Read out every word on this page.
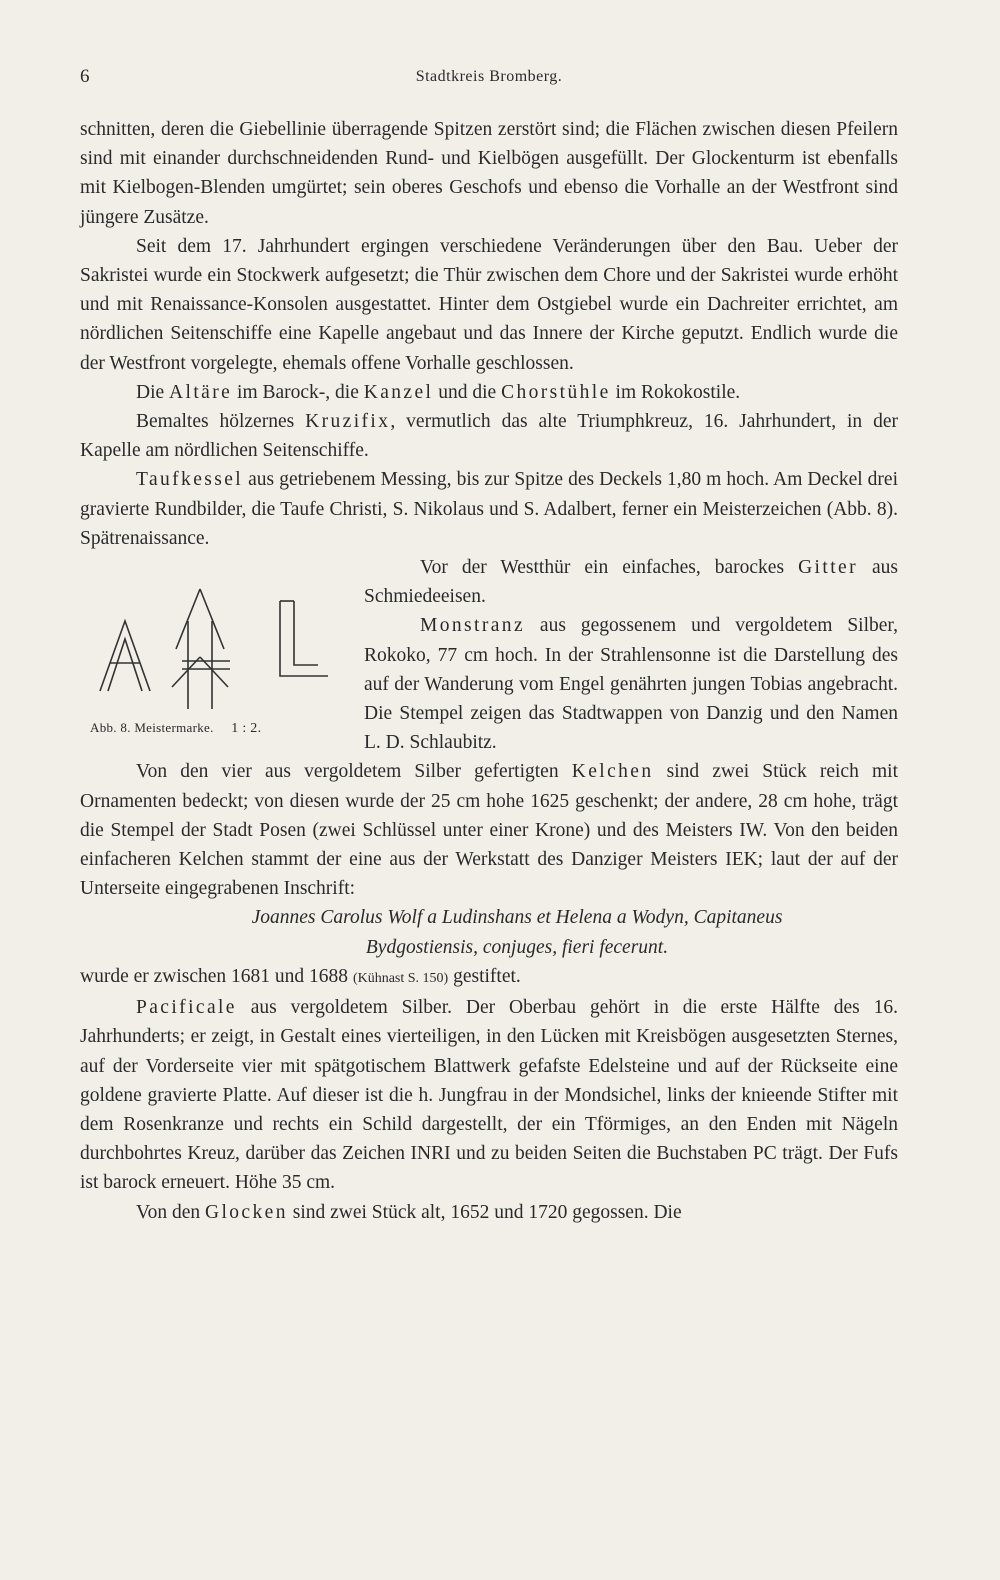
6	Stadtkreis Bromberg.

schnitten, deren die Giebellinie überragende Spitzen zerstört sind; die Flächen zwischen diesen Pfeilern sind mit einander durchschneidenden Rund- und Kielbögen ausgefüllt. Der Glockenturm ist ebenfalls mit Kielbogen-Blenden umgürtet; sein oberes Geschofs und ebenso die Vorhalle an der Westfront sind jüngere Zusätze.

Seit dem 17. Jahrhundert ergingen verschiedene Veränderungen über den Bau. Ueber der Sakristei wurde ein Stockwerk aufgesetzt; die Thür zwischen dem Chore und der Sakristei wurde erhöht und mit Renaissance-Konsolen ausgestattet. Hinter dem Ostgiebel wurde ein Dachreiter errichtet, am nördlichen Seitenschiffe eine Kapelle angebaut und das Innere der Kirche geputzt. Endlich wurde die der Westfront vorgelegte, ehemals offene Vorhalle geschlossen.

Die Altäre im Barock-, die Kanzel und die Chorstühle im Rokokostile.

Bemaltes hölzernes Kruzifix, vermutlich das alte Triumphkreuz, 16. Jahrhundert, in der Kapelle am nördlichen Seitenschiffe.

Taufkessel aus getriebenem Messing, bis zur Spitze des Deckels 1,80 m hoch. Am Deckel drei gravierte Rundbilder, die Taufe Christi, S. Nikolaus und S. Adalbert, ferner ein Meisterzeichen (Abb. 8). Spätrenaissance.

Abb. 8. Meistermarke. 1 : 2.

Vor der Westthür ein einfaches, barockes Gitter aus Schmiedeeisen.

Monstranz aus gegossenem und vergoldetem Silber, Rokoko, 77 cm hoch. In der Strahlensonne ist die Darstellung des auf der Wanderung vom Engel genährten jungen Tobias angebracht. Die Stempel zeigen das Stadtwappen von Danzig und den Namen L. D. Schlaubitz.

Von den vier aus vergoldetem Silber gefertigten Kelchen sind zwei Stück reich mit Ornamenten bedeckt; von diesen wurde der 25 cm hohe 1625 geschenkt; der andere, 28 cm hohe, trägt die Stempel der Stadt Posen (zwei Schlüssel unter einer Krone) und des Meisters IW. Von den beiden einfacheren Kelchen stammt der eine aus der Werkstatt des Danziger Meisters IEK; laut der auf der Unterseite eingegrabenen Inschrift:

Joannes Carolus Wolf a Ludinshans et Helena a Wodyn, Capitaneus

Bydgostiensis, conjuges, fieri fecerunt.

wurde er zwischen 1681 und 1688 (Kühnast S. 150) gestiftet.

Pacificale aus vergoldetem Silber. Der Oberbau gehört in die erste Hälfte des 16. Jahrhunderts; er zeigt, in Gestalt eines vierteiligen, in den Lücken mit Kreisbögen ausgesetzten Sternes, auf der Vorderseite vier mit spätgotischem Blattwerk gefafste Edelsteine und auf der Rückseite eine goldene gravierte Platte. Auf dieser ist die h. Jungfrau in der Mondsichel, links der knieende Stifter mit dem Rosenkranze und rechts ein Schild dargestellt, der ein Tförmiges, an den Enden mit Nägeln durchbohrtes Kreuz, darüber das Zeichen INRI und zu beiden Seiten die Buchstaben PC trägt. Der Fufs ist barock erneuert. Höhe 35 cm.

Von den Glocken sind zwei Stück alt, 1652 und 1720 gegossen. Die
